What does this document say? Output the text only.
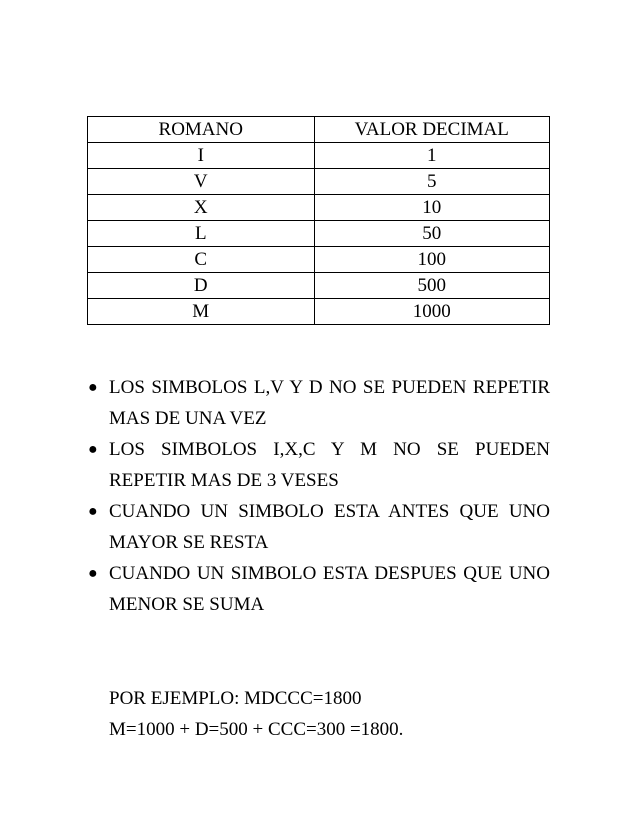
ROMANO	VALOR DECIMAL
I	1
V	5
X	10
L	50
C	100
D	500
M	1000
● LOS SIMBOLOS L,V Y D NO SE PUEDEN REPETIR MAS DE UNA VEZ
● LOS SIMBOLOS I,X,C Y M NO SE PUEDEN REPETIR MAS DE 3 VESES
● CUANDO UN SIMBOLO ESTA ANTES QUE UNO MAYOR SE RESTA
● CUANDO UN SIMBOLO ESTA DESPUES QUE UNO MENOR SE SUMA
POR EJEMPLO: MDCCC=1800
M=1000 + D=500 + CCC=300 =1800.
